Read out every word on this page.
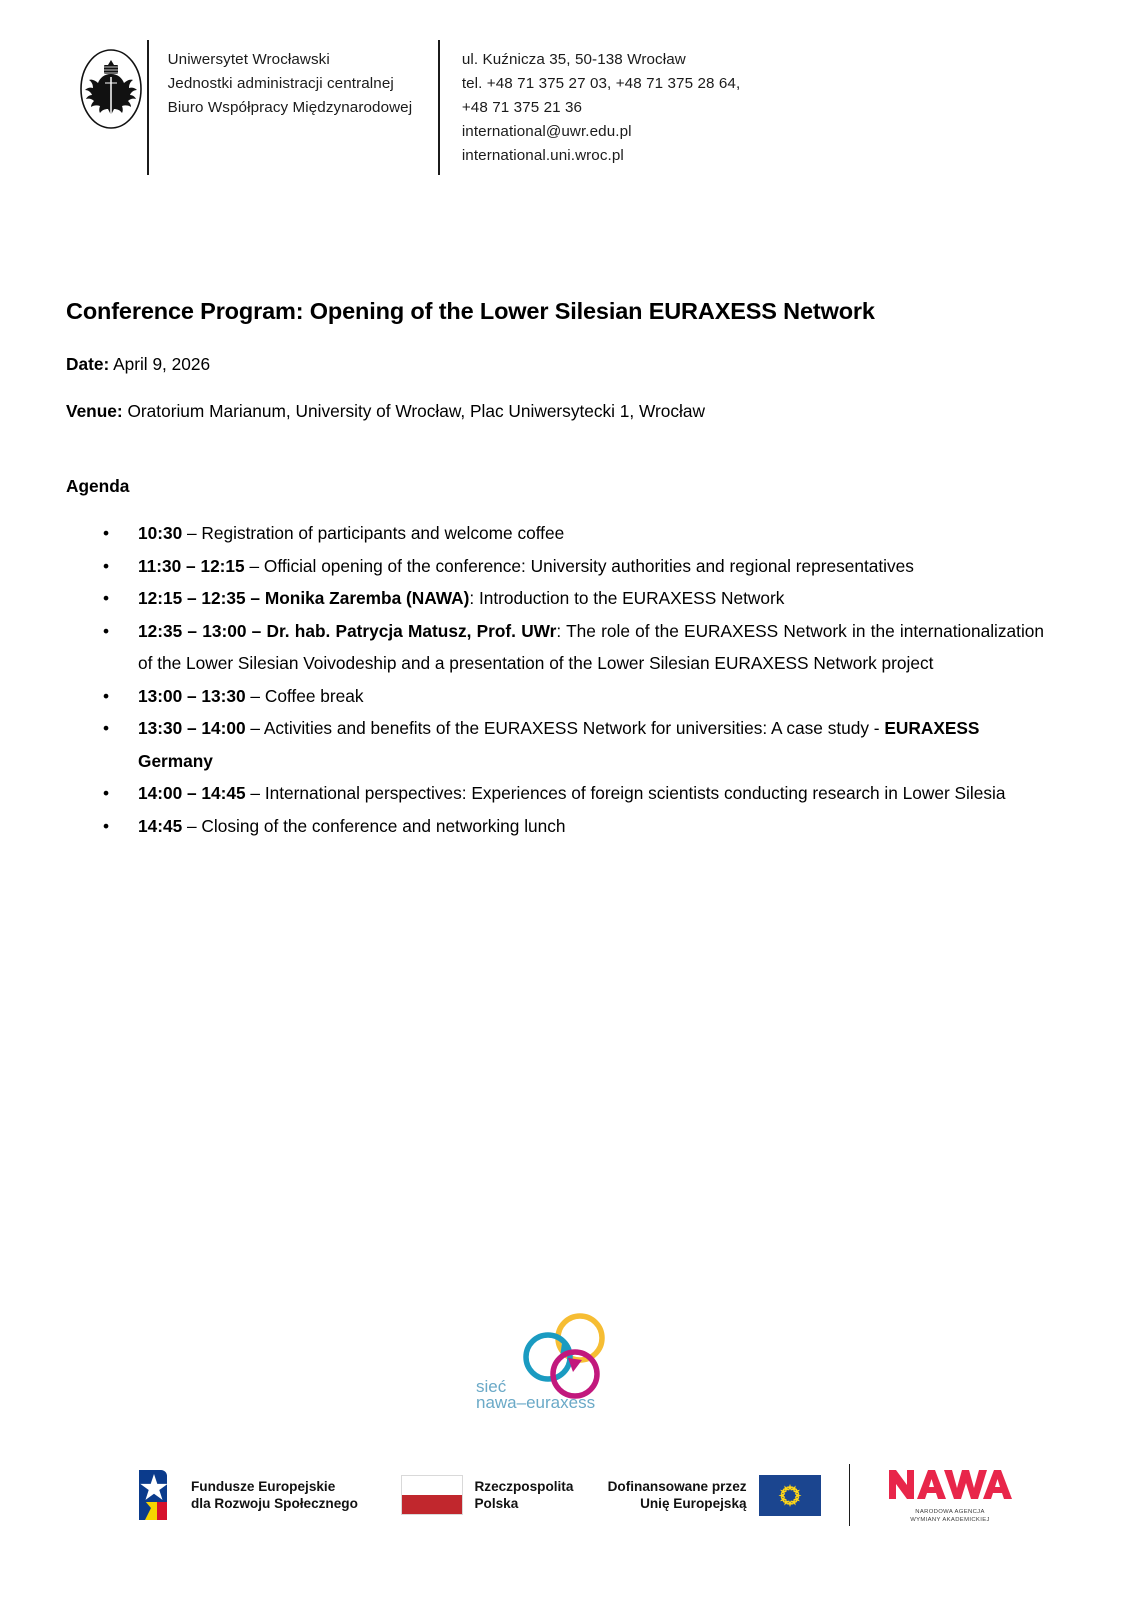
Uniwersytet Wrocławski
Jednostki administracji centralnej
Biuro Współpracy Międzynarodowej
ul. Kuźnicza 35, 50-138 Wrocław
tel. +48 71 375 27 03, +48 71 375 28 64,
+48 71 375 21 36
international@uwr.edu.pl
international.uni.wroc.pl
Conference Program: Opening of the Lower Silesian EURAXESS Network

Date: April 9, 2026

Venue: Oratorium Marianum, University of Wrocław, Plac Uniwersytecki 1, Wrocław

Agenda
• 10:30 – Registration of participants and welcome coffee
• 11:30 – 12:15 – Official opening of the conference: University authorities and regional representatives
• 12:15 – 12:35 – Monika Zaremba (NAWA): Introduction to the EURAXESS Network
• 12:35 – 13:00 – Dr. hab. Patrycja Matusz, Prof. UWr: The role of the EURAXESS Network in the internationalization of the Lower Silesian Voivodeship and a presentation of the Lower Silesian EURAXESS Network project
• 13:00 – 13:30 – Coffee break
• 13:30 – 14:00 – Activities and benefits of the EURAXESS Network for universities: A case study - EURAXESS Germany
• 14:00 – 14:45 – International perspectives: Experiences of foreign scientists conducting research in Lower Silesia
• 14:45 – Closing of the conference and networking lunch
sieć
nawa–euraxess
Fundusze Europejskie
dla Rozwoju Społecznego
Rzeczpospolita
Polska
Dofinansowane przez
Unię Europejską
NARODOWA AGENCJA
WYMIANY AKADEMICKIEJ
